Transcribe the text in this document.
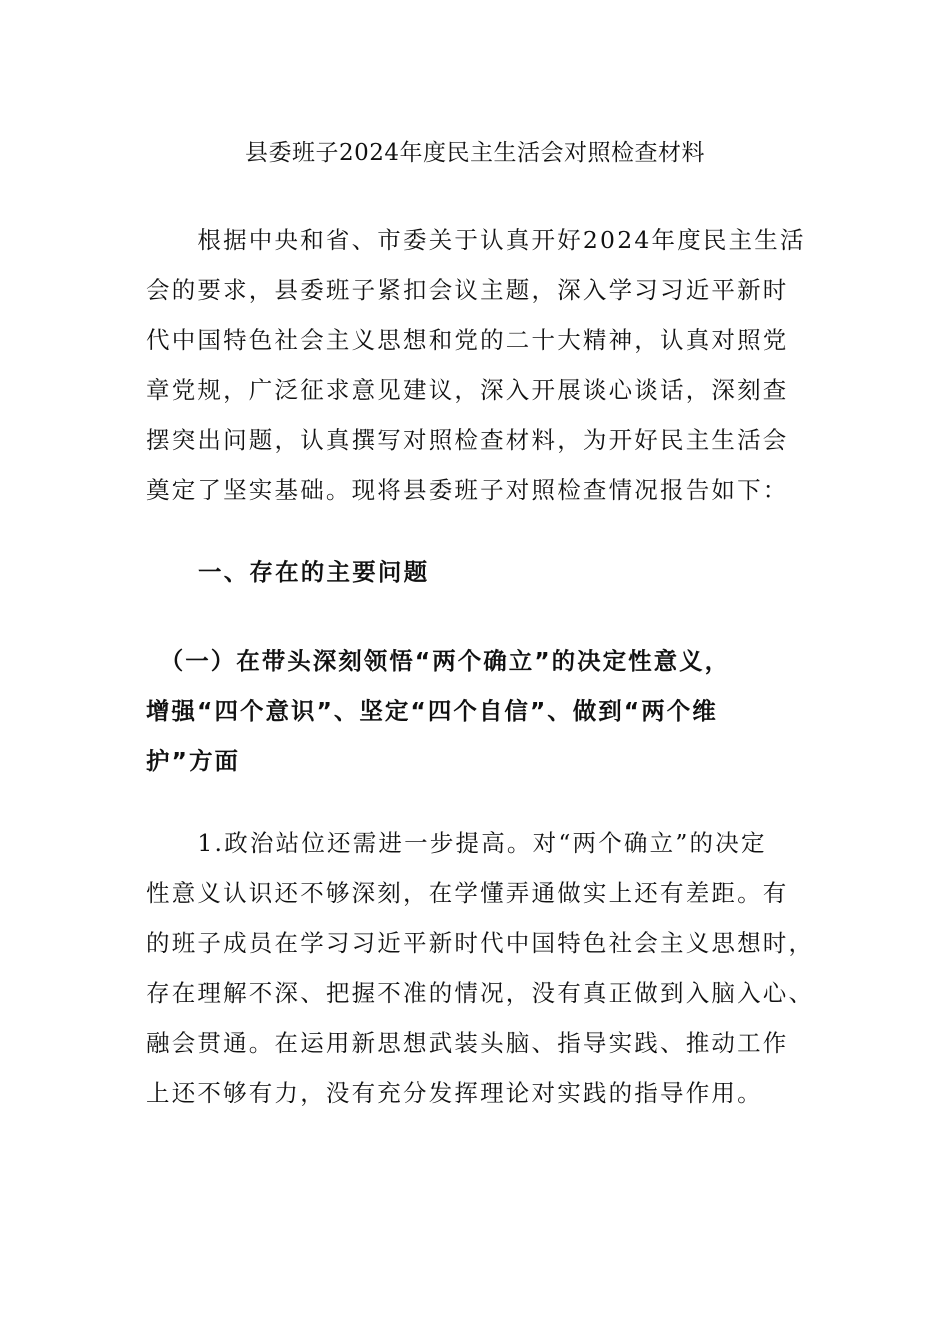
县委班子2024年度民主生活会对照检查材料

　　根据中央和省、市委关于认真开好2024年度民主生活
会的要求，县委班子紧扣会议主题，深入学习习近平新时
代中国特色社会主义思想和党的二十大精神，认真对照党
章党规，广泛征求意见建议，深入开展谈心谈话，深刻查
摆突出问题，认真撰写对照检查材料，为开好民主生活会
奠定了坚实基础。现将县委班子对照检查情况报告如下：

一、存在的主要问题
　（一）在带头深刻领悟“两个确立”的决定性意义，
增强“四个意识”、坚定“四个自信”、做到“两个维
护”方面

　　1.政治站位还需进一步提高。对“两个确立”的决定
性意义认识还不够深刻，在学懂弄通做实上还有差距。有
的班子成员在学习习近平新时代中国特色社会主义思想时，
存在理解不深、把握不准的情况，没有真正做到入脑入心、
融会贯通。在运用新思想武装头脑、指导实践、推动工作
上还不够有力，没有充分发挥理论对实践的指导作用。
